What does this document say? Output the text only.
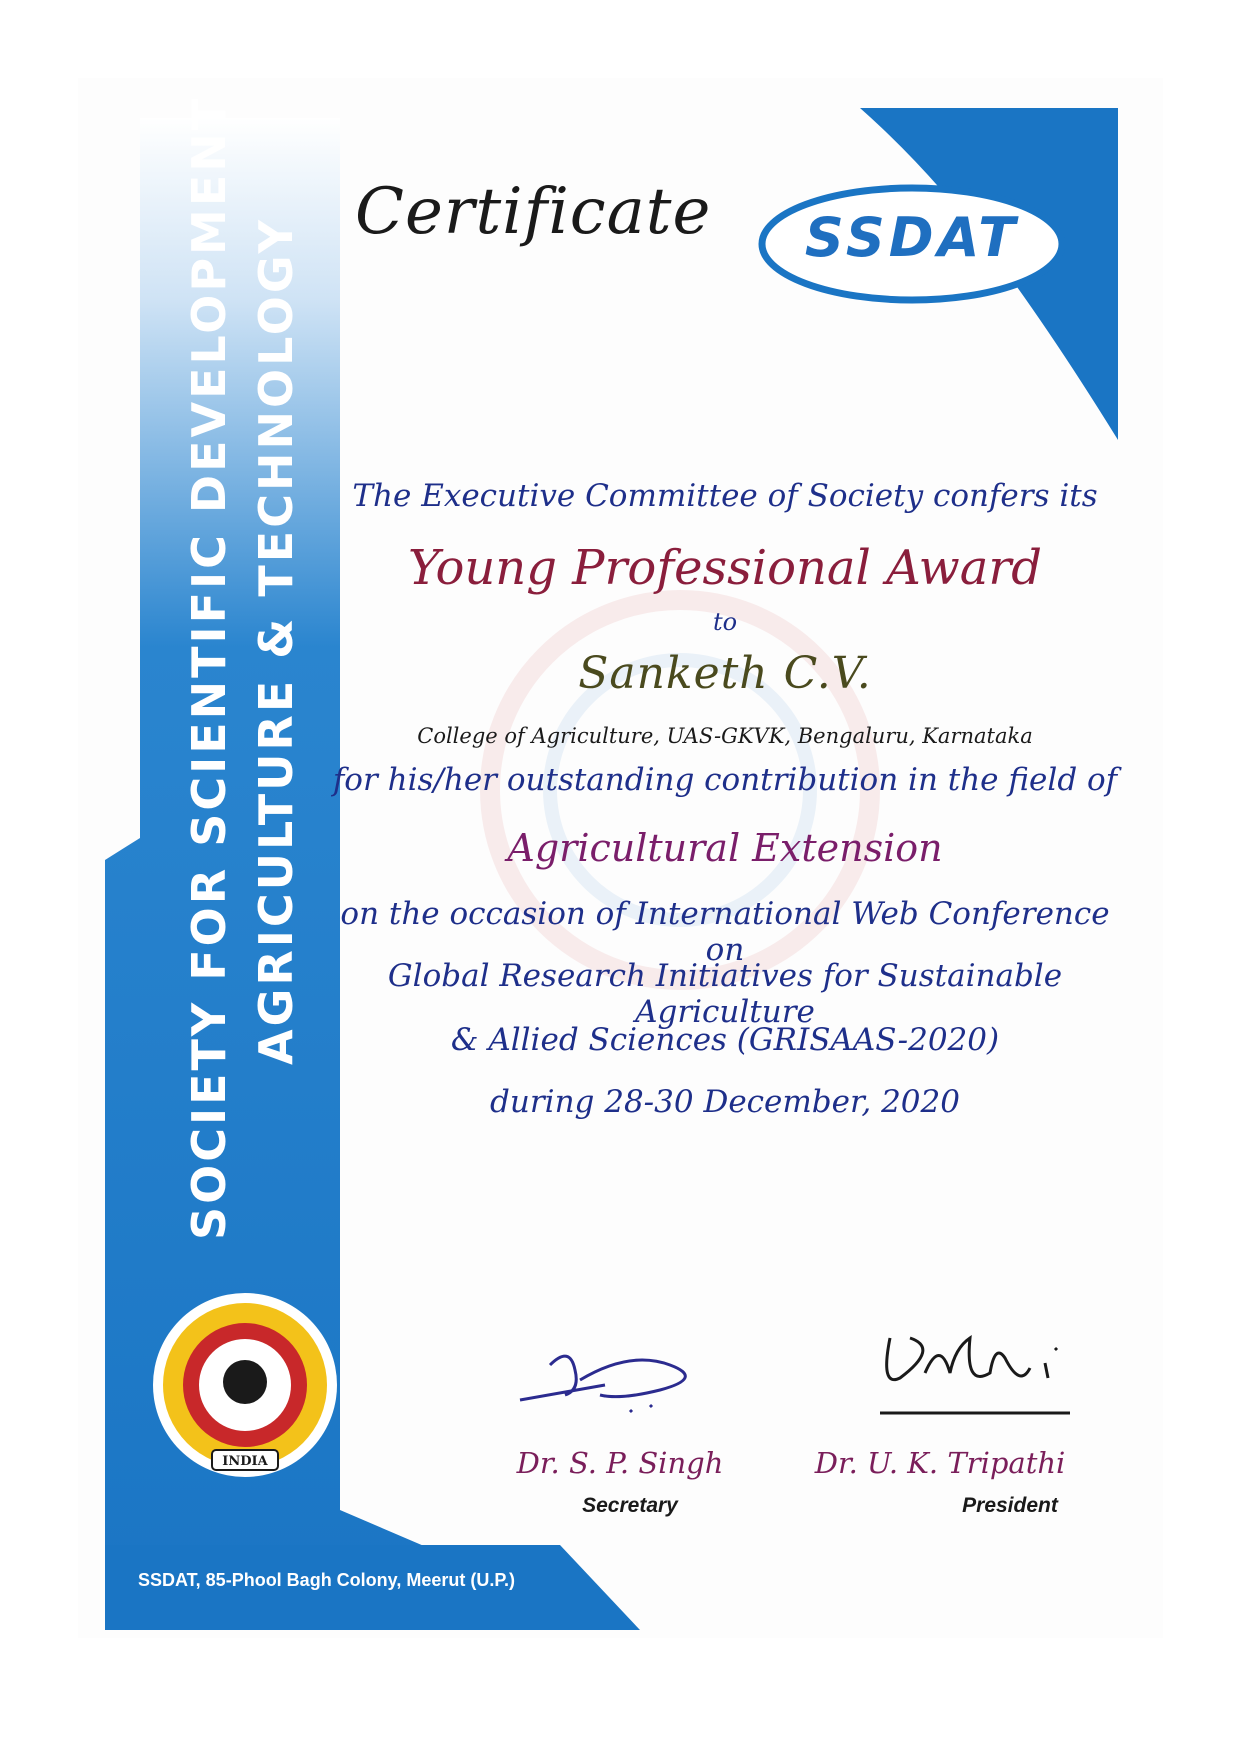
SOCIETY FOR SCIENTIFIC DEVELOPMENT IN AGRICULTURE & TECHNOLOGY
INDIA
Certificate	SSDAT
The Executive Committee of Society confers its
Young Professional Award
to
Sanketh C.V.
College of Agriculture, UAS-GKVK, Bengaluru, Karnataka
for his/her outstanding contribution in the field of
Agricultural Extension
on the occasion of International Web Conference on
Global Research Initiatives for Sustainable Agriculture
& Allied Sciences (GRISAAS-2020)
during 28-30 December, 2020
Dr. S. P. Singh
Secretary
Dr. U. K. Tripathi
President
SSDAT, 85-Phool Bagh Colony, Meerut (U.P.)
